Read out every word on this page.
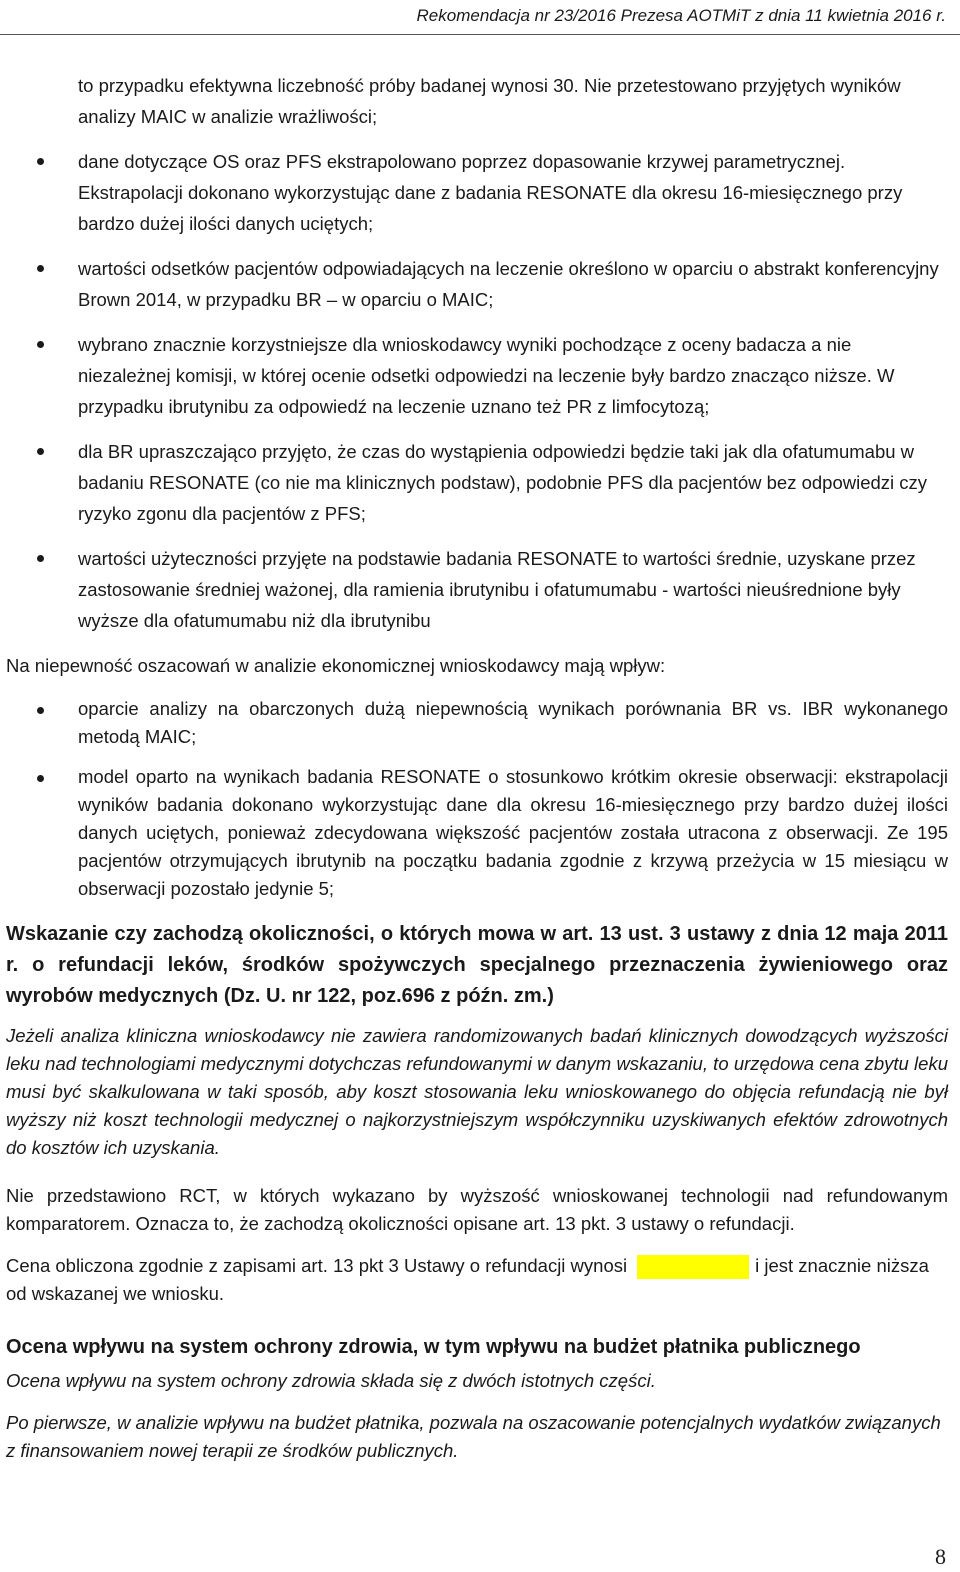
Rekomendacja nr 23/2016 Prezesa AOTMiT z dnia 11 kwietnia 2016 r.
to przypadku efektywna liczebność próby badanej wynosi 30. Nie przetestowano przyjętych wyników analizy MAIC w analizie wrażliwości;
dane dotyczące OS oraz PFS ekstrapolowano poprzez dopasowanie krzywej parametrycznej. Ekstrapolacji dokonano wykorzystując dane z badania RESONATE dla okresu 16-miesięcznego przy bardzo dużej ilości danych uciętych;
wartości odsetków pacjentów odpowiadających na leczenie określono w oparciu o abstrakt konferencyjny Brown 2014, w przypadku BR – w oparciu o MAIC;
wybrano znacznie korzystniejsze dla wnioskodawcy wyniki pochodzące z oceny badacza a nie niezależnej komisji, w której ocenie odsetki odpowiedzi na leczenie były bardzo znacząco niższe. W przypadku ibrutynibu za odpowiedź na leczenie uznano też PR z limfocytozą;
dla BR upraszczająco przyjęto, że czas do wystąpienia odpowiedzi będzie taki jak dla ofatumumabu w badaniu RESONATE (co nie ma klinicznych podstaw), podobnie PFS dla pacjentów bez odpowiedzi czy ryzyko zgonu dla pacjentów z PFS;
wartości użyteczności przyjęte na podstawie badania RESONATE to wartości średnie, uzyskane przez zastosowanie średniej ważonej, dla ramienia ibrutynibu i ofatumumabu - wartości nieuśrednione były wyższe dla ofatumumabu niż dla ibrutynibu

Na niepewność oszacowań w analizie ekonomicznej wnioskodawcy mają wpływ:

oparcie analizy na obarczonych dużą niepewnością wynikach porównania BR vs. IBR wykonanego metodą MAIC;
model oparto na wynikach badania RESONATE o stosunkowo krótkim okresie obserwacji: ekstrapolacji wyników badania dokonano wykorzystując dane dla okresu 16-miesięcznego przy bardzo dużej ilości danych uciętych, ponieważ zdecydowana większość pacjentów została utracona z obserwacji. Ze 195 pacjentów otrzymujących ibrutynib na początku badania zgodnie z krzywą przeżycia w 15 miesiącu w obserwacji pozostało jedynie 5;
Wskazanie czy zachodzą okoliczności, o których mowa w art. 13 ust. 3 ustawy z dnia 12 maja 2011 r. o refundacji leków, środków spożywczych specjalnego przeznaczenia żywieniowego oraz wyrobów medycznych (Dz. U. nr 122, poz.696 z późn. zm.)

Jeżeli analiza kliniczna wnioskodawcy nie zawiera randomizowanych badań klinicznych dowodzących wyższości leku nad technologiami medycznymi dotychczas refundowanymi w danym wskazaniu, to urzędowa cena zbytu leku musi być skalkulowana w taki sposób, aby koszt stosowania leku wnioskowanego do objęcia refundacją nie był wyższy niż koszt technologii medycznej o najkorzystniejszym współczynniku uzyskiwanych efektów zdrowotnych do kosztów ich uzyskania.

Nie przedstawiono RCT, w których wykazano by wyższość wnioskowanej technologii nad refundowanym komparatorem. Oznacza to, że zachodzą okoliczności opisane art. 13 pkt. 3 ustawy o refundacji.

Cena obliczona zgodnie z zapisami art. 13 pkt 3 Ustawy o refundacji wynosi	i jest znacznie niższa od wskazanej we wniosku.

Ocena wpływu na system ochrony zdrowia, w tym wpływu na budżet płatnika publicznego

Ocena wpływu na system ochrony zdrowia składa się z dwóch istotnych części.

Po pierwsze, w analizie wpływu na budżet płatnika, pozwala na oszacowanie potencjalnych wydatków związanych z finansowaniem nowej terapii ze środków publicznych.

8
